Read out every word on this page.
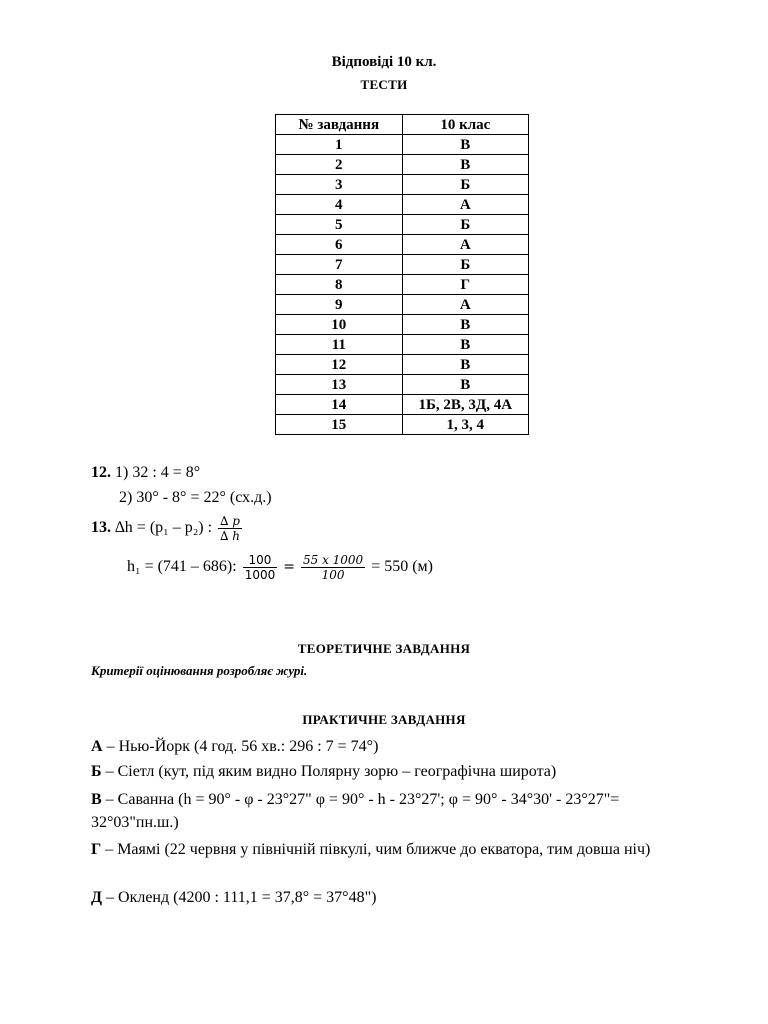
Відповіді 10 кл.
ТЕСТИ
№ завдання	10 клас
1	В
2	В
3	Б
4	А
5	Б
6	А
7	Б
8	Г
9	А
10	В
11	В
12	В
13	В
14	1Б, 2В, 3Д, 4А
15	1, 3, 4
12. 1) 32 : 4 = 8°
2) 30° - 8° = 22° (сх.д.)
13. ∆h = (p₁ – p₂) : $\frac{\Delta p}{\Delta h}$
h₁ = (741 – 686): $\frac{100}{1000} = \frac{55 x 1000}{100} = 550$ (м)
ТЕОРЕТИЧНЕ ЗАВДАННЯ
Критерії оцінювання розробляє журі.
ПРАКТИЧНЕ ЗАВДАННЯ
А – Нью-Йорк (4 год. 56 хв.: 296 : 7 = 74°)
Б – Сіетл (кут, під яким видно Полярну зорю – географічна широта)
В – Саванна (h = 90° - φ - 23°27" φ = 90° - h - 23°27'; φ = 90° - 34°30' - 23°27"= 32°03"пн.ш.)
Г – Маямі (22 червня у північній півкулі, чим ближче до екватора, тим довша ніч)
Д – Окленд (4200 : 111,1 = 37,8° = 37°48")
